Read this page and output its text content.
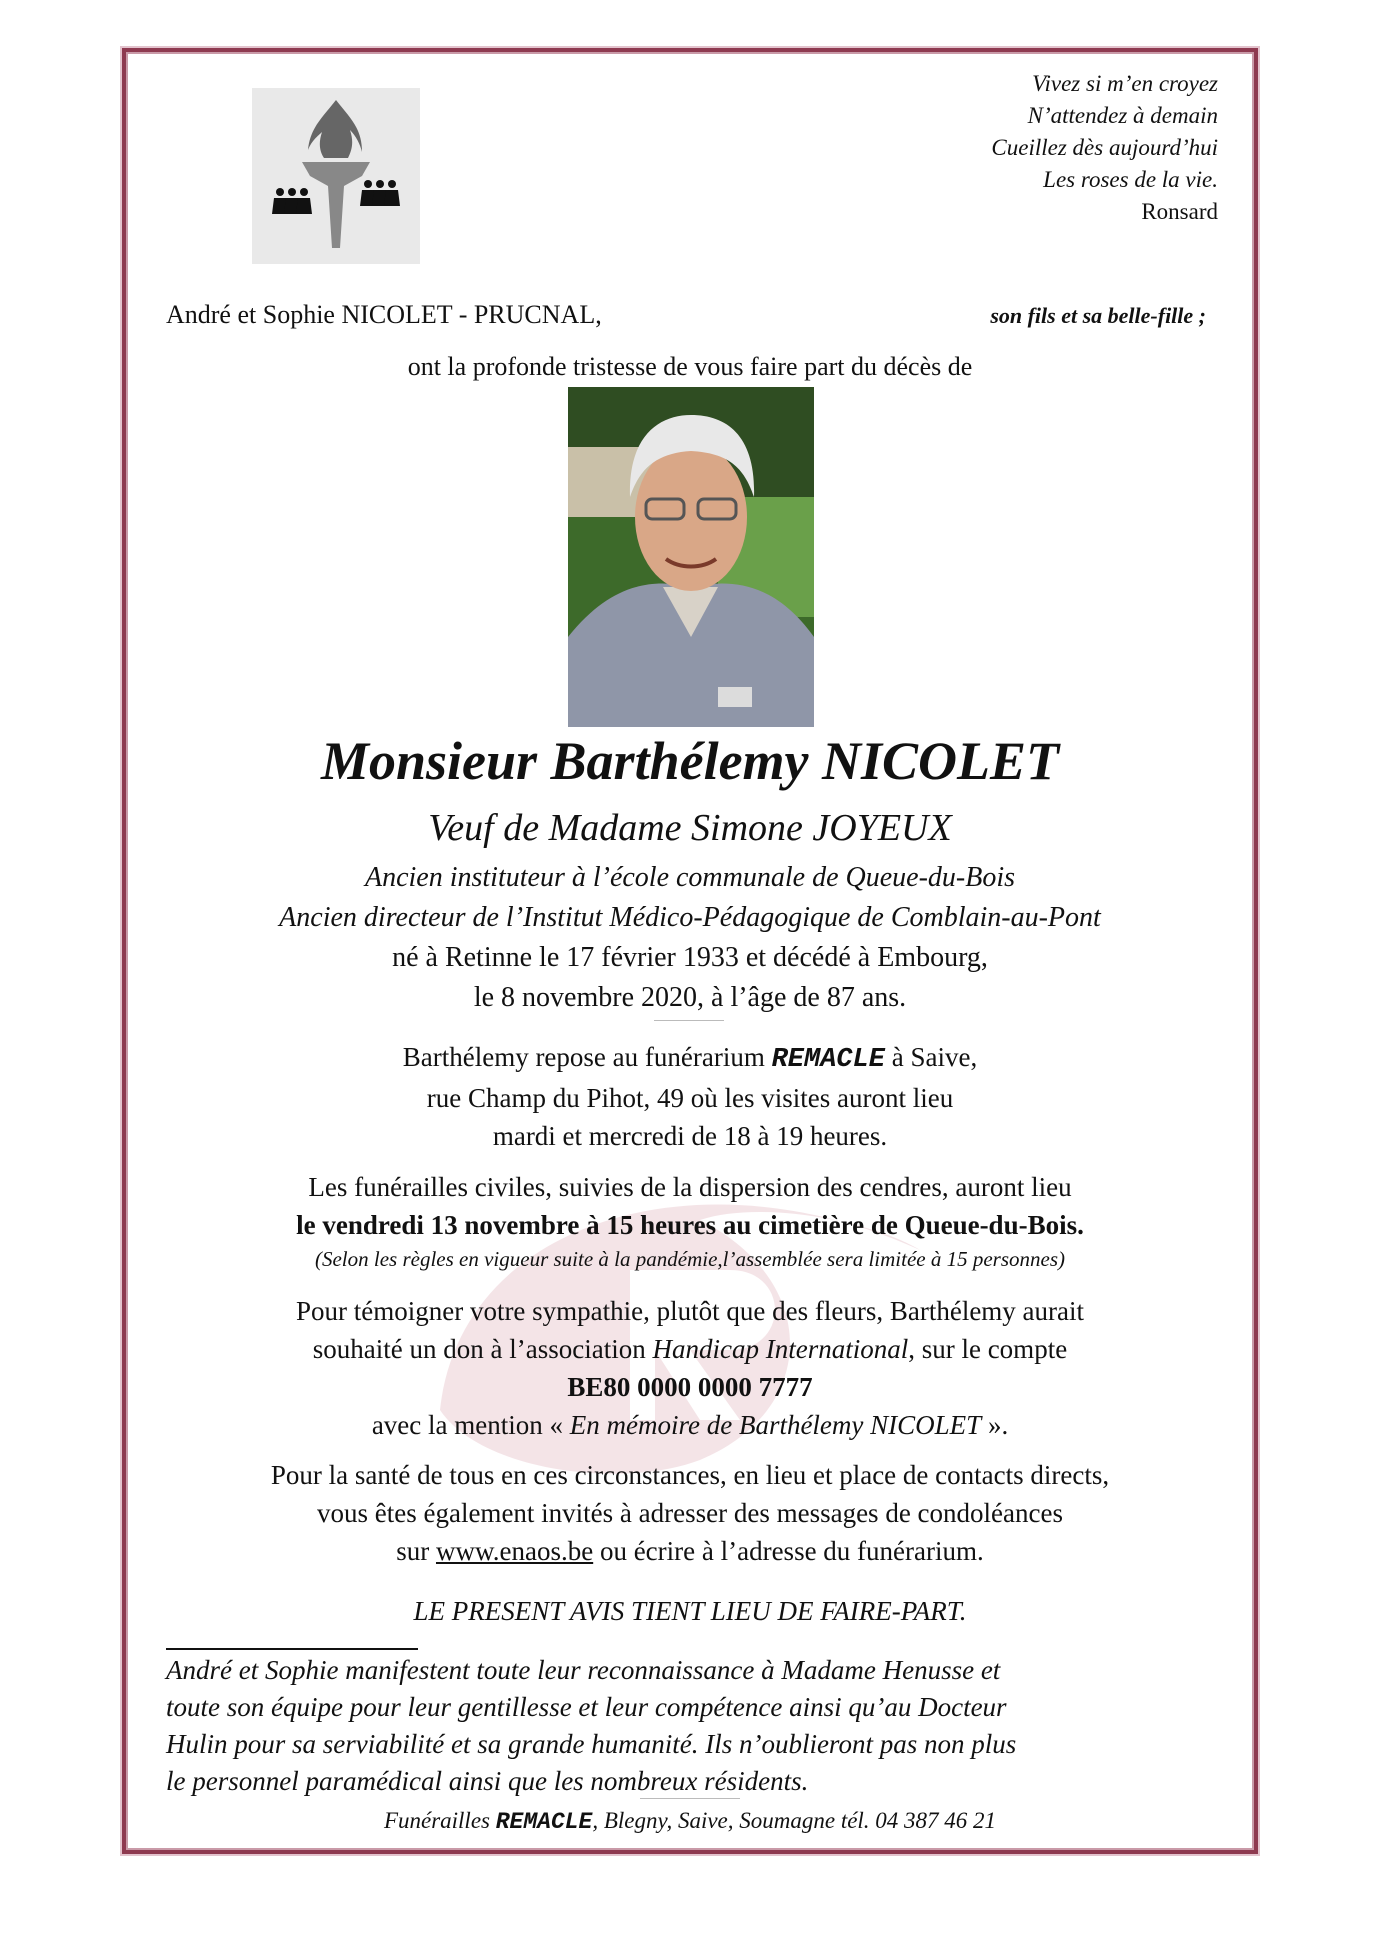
Vivez si m’en croyez
N’attendez à demain
Cueillez dès aujourd’hui
Les roses de la vie.
Ronsard
André et Sophie NICOLET - PRUCNAL,	son fils et sa belle-fille ;
ont la profonde tristesse de vous faire part du décès de
Monsieur Barthélemy NICOLET
Veuf de Madame Simone JOYEUX
Ancien instituteur à l’école communale de Queue-du-Bois
Ancien directeur de l’Institut Médico-Pédagogique de Comblain-au-Pont
né à Retinne le 17 février 1933 et décédé à Embourg,
le 8 novembre 2020, à l’âge de 87 ans.
Barthélemy repose au funérarium REMACLE à Saive,
rue Champ du Pihot, 49 où les visites auront lieu
mardi et mercredi de 18 à 19 heures.
Les funérailles civiles, suivies de la dispersion des cendres, auront lieu
le vendredi 13 novembre à 15 heures au cimetière de Queue-du-Bois.
(Selon les règles en vigueur suite à la pandémie,l’assemblée sera limitée à 15 personnes)
Pour témoigner votre sympathie, plutôt que des fleurs, Barthélemy aurait
souhaité un don à l’association Handicap International, sur le compte
BE80 0000 0000 7777
avec la mention « En mémoire de Barthélemy NICOLET ».
Pour la santé de tous en ces circonstances, en lieu et place de contacts directs,
vous êtes également invités à adresser des messages de condoléances
sur www.enaos.be ou écrire à l’adresse du funérarium.
LE PRESENT AVIS TIENT LIEU DE FAIRE-PART.
André et Sophie manifestent toute leur reconnaissance à Madame Henusse et
toute son équipe pour leur gentillesse et leur compétence ainsi qu’au Docteur
Hulin pour sa serviabilité et sa grande humanité. Ils n’oublieront pas non plus
le personnel paramédical ainsi que les nombreux résidents.
Funérailles REMACLE, Blegny, Saive, Soumagne tél. 04 387 46 21
